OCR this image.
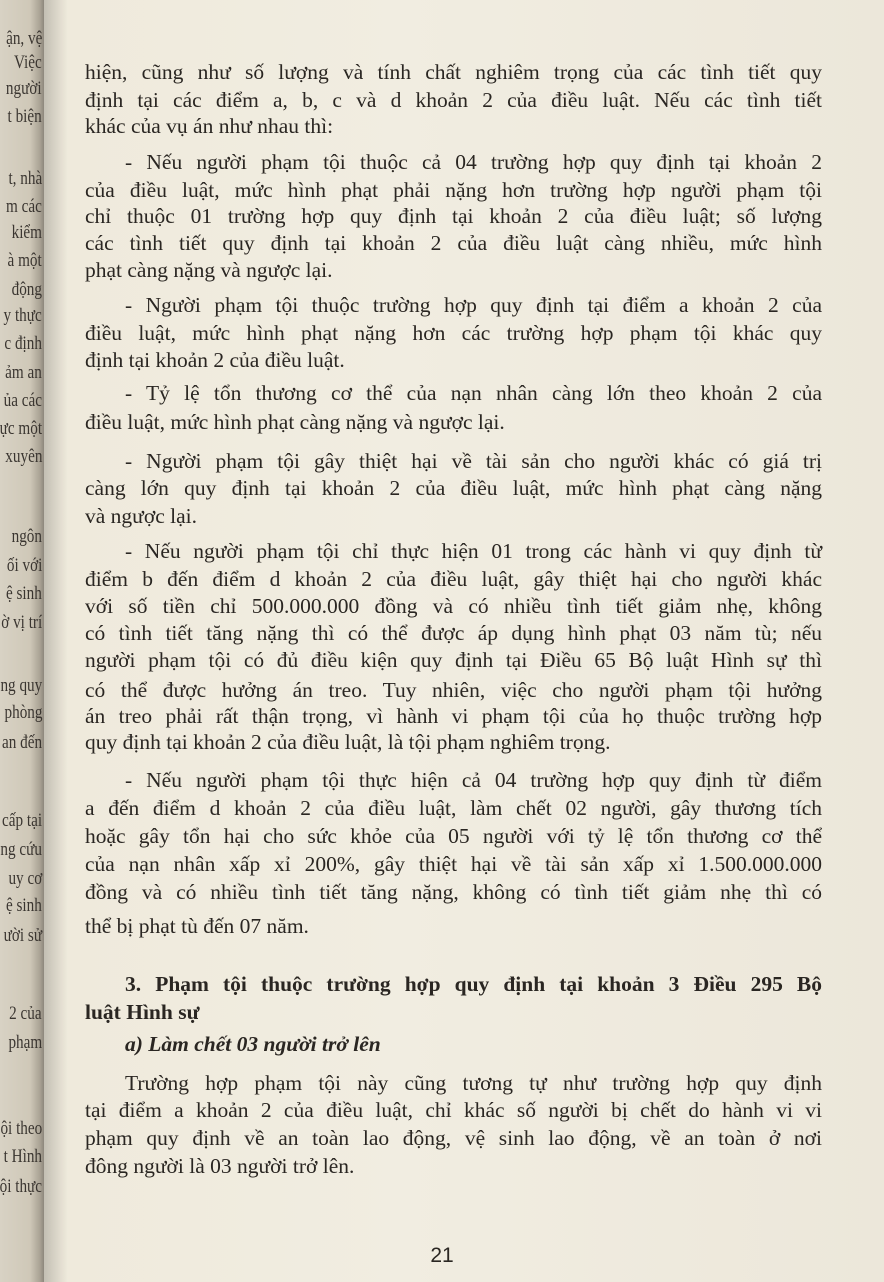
ận, vệ
Việc
người
t biện
t, nhà
m các
kiểm
à một
động
y thực
c định
ảm an
ủa các
ực một
xuyên
ngôn
ối với
ệ sinh
ờ vị trí
ng quy
phòng
an đến
cấp tại
ng cứu
uy cơ
ệ sinh
ười sử
2 của
phạm
ội theo
t Hình
ội thực
hiện, cũng như số lượng và tính chất nghiêm trọng của các tình tiết quy
định tại các điểm a, b, c và d khoản 2 của điều luật. Nếu các tình tiết
khác của vụ án như nhau thì:
- Nếu người phạm tội thuộc cả 04 trường hợp quy định tại khoản 2
của điều luật, mức hình phạt phải nặng hơn trường hợp người phạm tội
chỉ thuộc 01 trường hợp quy định tại khoản 2 của điều luật; số lượng
các tình tiết quy định tại khoản 2 của điều luật càng nhiều, mức hình
phạt càng nặng và ngược lại.
- Người phạm tội thuộc trường hợp quy định tại điểm a khoản 2 của
điều luật, mức hình phạt nặng hơn các trường hợp phạm tội khác quy
định tại khoản 2 của điều luật.
- Tỷ lệ tổn thương cơ thể của nạn nhân càng lớn theo khoản 2 của
điều luật, mức hình phạt càng nặng và ngược lại.
- Người phạm tội gây thiệt hại về tài sản cho người khác có giá trị
càng lớn quy định tại khoản 2 của điều luật, mức hình phạt càng nặng
và ngược lại.
- Nếu người phạm tội chỉ thực hiện 01 trong các hành vi quy định từ
điểm b đến điểm d khoản 2 của điều luật, gây thiệt hại cho người khác
với số tiền chỉ 500.000.000 đồng và có nhiều tình tiết giảm nhẹ, không
có tình tiết tăng nặng thì có thể được áp dụng hình phạt 03 năm tù; nếu
người phạm tội có đủ điều kiện quy định tại Điều 65 Bộ luật Hình sự thì
có thể được hưởng án treo. Tuy nhiên, việc cho người phạm tội hưởng
án treo phải rất thận trọng, vì hành vi phạm tội của họ thuộc trường hợp
quy định tại khoản 2 của điều luật, là tội phạm nghiêm trọng.
- Nếu người phạm tội thực hiện cả 04 trường hợp quy định từ điểm
a đến điểm d khoản 2 của điều luật, làm chết 02 người, gây thương tích
hoặc gây tổn hại cho sức khỏe của 05 người với tỷ lệ tổn thương cơ thể
của nạn nhân xấp xỉ 200%, gây thiệt hại về tài sản xấp xỉ 1.500.000.000
đồng và có nhiều tình tiết tăng nặng, không có tình tiết giảm nhẹ thì có
thể bị phạt tù đến 07 năm.
3. Phạm tội thuộc trường hợp quy định tại khoản 3 Điều 295 Bộ
luật Hình sự
a) Làm chết 03 người trở lên
Trường hợp phạm tội này cũng tương tự như trường hợp quy định
tại điểm a khoản 2 của điều luật, chỉ khác số người bị chết do hành vi vi
phạm quy định về an toàn lao động, vệ sinh lao động, về an toàn ở nơi
đông người là 03 người trở lên.
21
